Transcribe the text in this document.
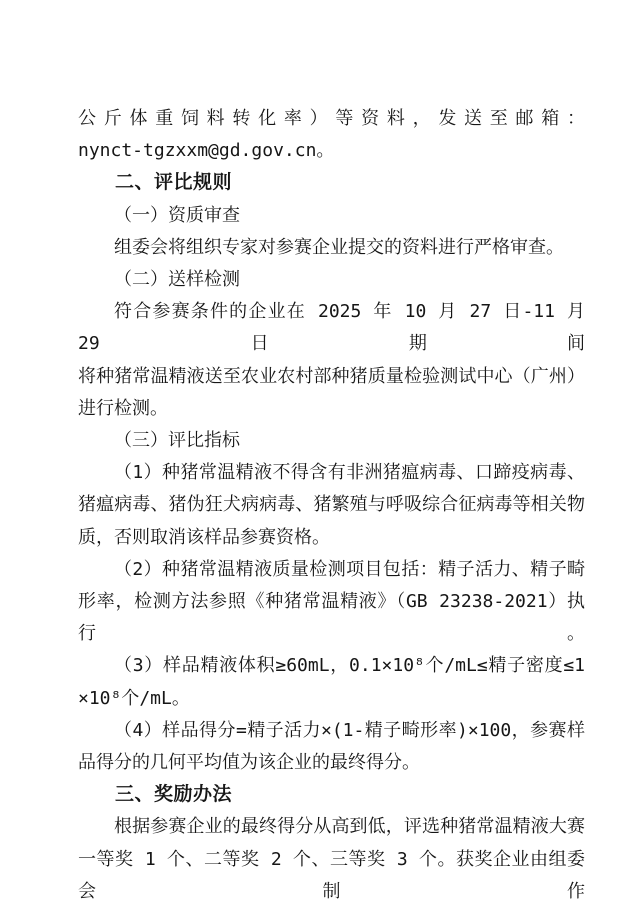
公斤体重饲料转化率）等资料，发送至邮箱：
nynct-tgzxxm@gd.gov.cn。
二、评比规则
（一）资质审查
组委会将组织专家对参赛企业提交的资料进行严格审查。
（二）送样检测
符合参赛条件的企业在 2025 年 10 月 27 日-11 月 29 日期间
将种猪常温精液送至农业农村部种猪质量检验测试中心（广州）
进行检测。
（三）评比指标
（1）种猪常温精液不得含有非洲猪瘟病毒、口蹄疫病毒、
猪瘟病毒、猪伪狂犬病病毒、猪繁殖与呼吸综合征病毒等相关物
质，否则取消该样品参赛资格。
（2）种猪常温精液质量检测项目包括：精子活力、精子畸
形率，检测方法参照《种猪常温精液》（GB 23238-2021）执行。
（3）样品精液体积≥60mL，0.1×10⁸个/mL≤精子密度≤1
×10⁸个/mL。
（4）样品得分=精子活力×(1-精子畸形率)×100，参赛样
品得分的几何平均值为该企业的最终得分。
三、奖励办法
根据参赛企业的最终得分从高到低，评选种猪常温精液大赛
一等奖 1 个、二等奖 2 个、三等奖 3 个。获奖企业由组委会制作
